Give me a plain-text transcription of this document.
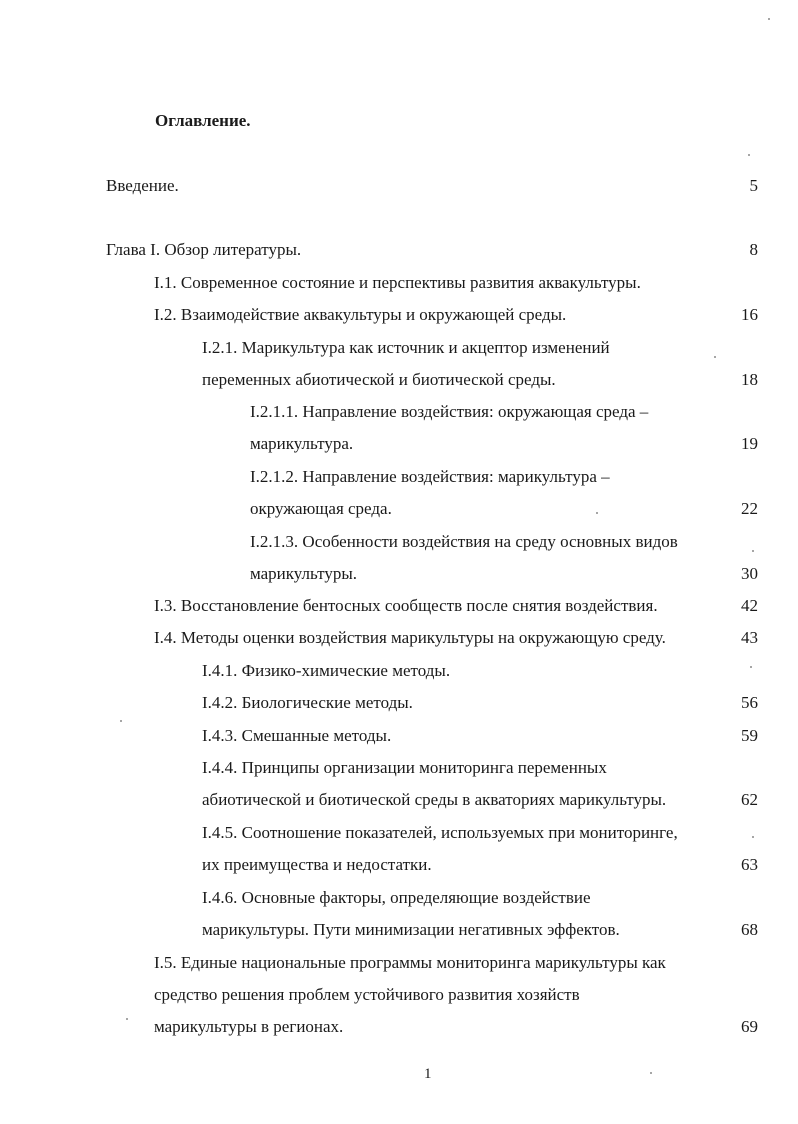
Оглавление.
Введение.	5
Глава I. Обзор литературы.	8
I.1. Современное состояние и перспективы развития аквакультуры.
I.2. Взаимодействие аквакультуры и окружающей среды.	16
I.2.1. Марикультура как источник и акцептор изменений
переменных абиотической и биотической среды.	18
I.2.1.1. Направление воздействия: окружающая среда –
марикультура.	19
I.2.1.2. Направление воздействия: марикультура –
окружающая среда.	22
I.2.1.3. Особенности воздействия на среду основных видов
марикультуры.	30
I.3. Восстановление бентосных сообществ после снятия воздействия.	42
I.4. Методы оценки воздействия марикультуры на окружающую среду.	43
I.4.1. Физико-химические методы.
I.4.2. Биологические методы.	56
I.4.3. Смешанные методы.	59
I.4.4. Принципы организации мониторинга переменных
абиотической и биотической среды в акваториях марикультуры.	62
I.4.5. Соотношение показателей, используемых при мониторинге,
их преимущества и недостатки.	63
I.4.6. Основные факторы, определяющие воздействие
марикультуры. Пути минимизации негативных эффектов.	68
I.5. Единые национальные программы мониторинга марикультуры как
средство решения проблем устойчивого развития хозяйств
марикультуры в регионах.	69
1
